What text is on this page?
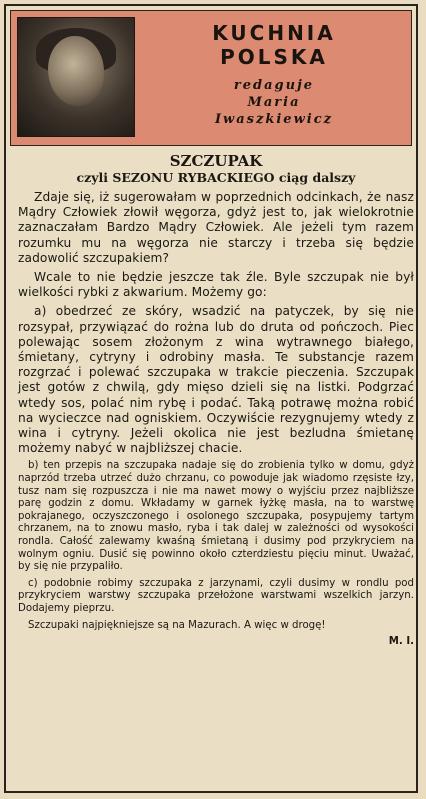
KUCHNIA
POLSKA
redaguje
Maria
Iwaszkiewicz

SZCZUPAK

czyli SEZONU RYBACKIEGO ciąg dalszy

Zdaje się, iż sugerowałam w poprzednich odcinkach, że nasz Mądry Człowiek złowił węgorza, gdyż jest to, jak wielokrotnie zaznaczałam Bardzo Mądry Człowiek. Ale jeżeli tym razem rozumku mu na węgorza nie starczy i trzeba się będzie zadowolić szczupakiem?

Wcale to nie będzie jeszcze tak źle. Byle szczupak nie był wielkości rybki z akwarium. Możemy go:

a) obedrzeć ze skóry, wsadzić na patyczek, by się nie rozsypał, przywiązać do rożna lub do druta od pończoch. Piec polewając sosem złożonym z wina wytrawnego białego, śmietany, cytryny i odrobiny masła. Te substancje razem rozgrzać i polewać szczupaka w trakcie pieczenia. Szczupak jest gotów z chwilą, gdy mięso dzieli się na listki. Podgrzać wtedy sos, polać nim rybę i podać. Taką potrawę można robić na wycieczce nad ogniskiem. Oczywiście rezygnujemy wtedy z wina i cytryny. Jeżeli okolica nie jest bezludna śmietanę możemy nabyć w najbliższej chacie.

b) ten przepis na szczupaka nadaje się do zrobienia tylko w domu, gdyż naprzód trzeba utrzeć dużo chrzanu, co powoduje jak wiadomo rzęsiste łzy, tusz nam się rozpuszcza i nie ma nawet mowy o wyjściu przez najbliższe parę godzin z domu. Wkładamy w garnek łyżkę masła, na to warstwę pokrajanego, oczyszczonego i osolonego szczupaka, posypujemy tartym chrzanem, na to znowu masło, ryba i tak dalej w zależności od wysokości rondla. Całość zalewamy kwaśną śmietaną i dusimy pod przykryciem na wolnym ogniu. Dusić się powinno około czterdziestu pięciu minut. Uważać, by się nie przypaliło.

c) podobnie robimy szczupaka z jarzynami, czyli dusimy w rondlu pod przykryciem warstwy szczupaka przełożone warstwami wszelkich jarzyn. Dodajemy pieprzu.

Szczupaki najpiękniejsze są na Mazurach. A więc w drogę!

M. I.
